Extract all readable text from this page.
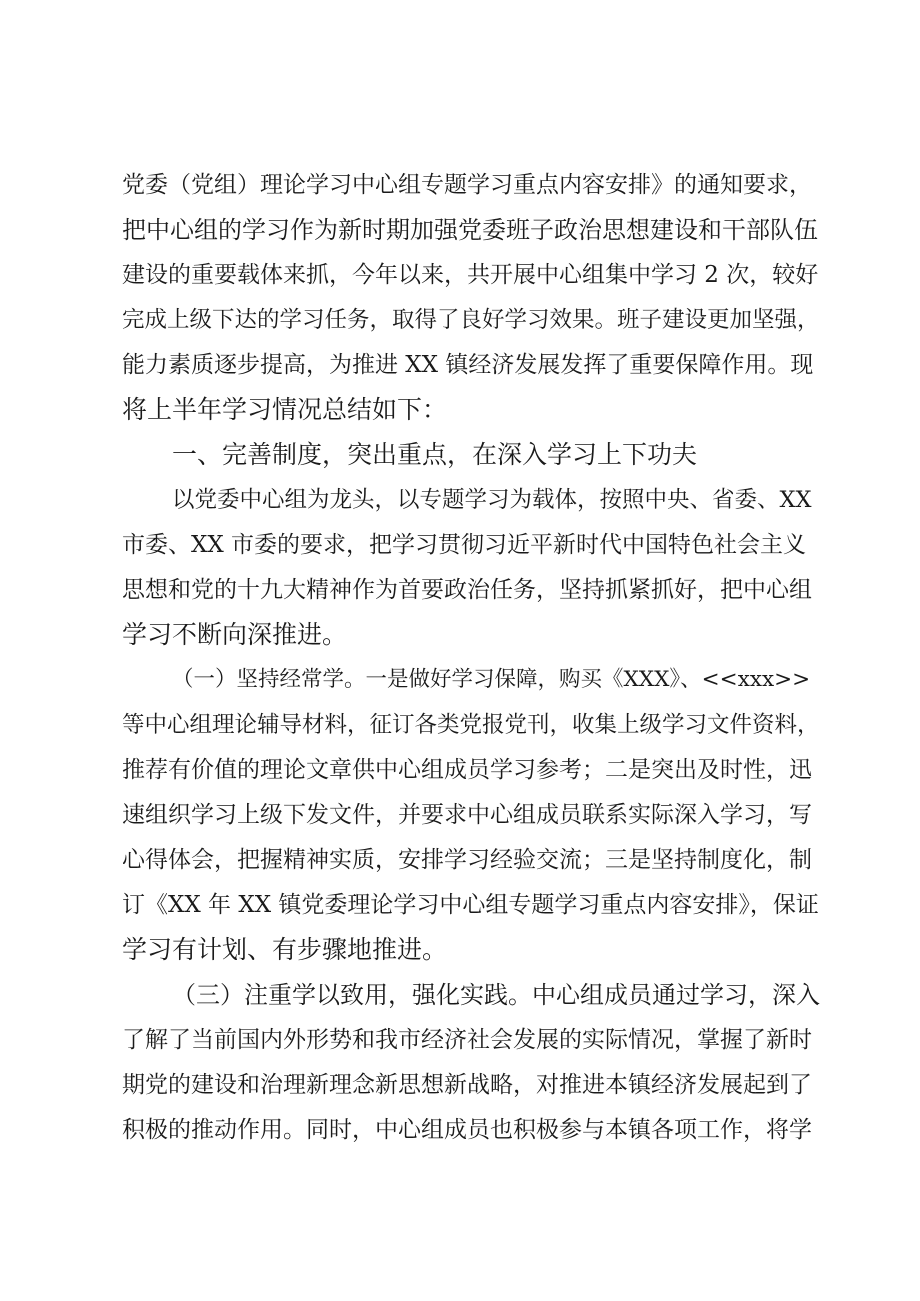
党委（党组）理论学习中心组专题学习重点内容安排》的通知要求，
把中心组的学习作为新时期加强党委班子政治思想建设和干部队伍
建设的重要载体来抓，今年以来，共开展中心组集中学习 2 次，较好
完成上级下达的学习任务，取得了良好学习效果。班子建设更加坚强，
能力素质逐步提高，为推进 XX 镇经济发展发挥了重要保障作用。现
将上半年学习情况总结如下：
一、完善制度，突出重点，在深入学习上下功夫
以党委中心组为龙头，以专题学习为载体，按照中央、省委、XX
市委、XX 市委的要求，把学习贯彻习近平新时代中国特色社会主义
思想和党的十九大精神作为首要政治任务，坚持抓紧抓好，把中心组
学习不断向深推进。
（一）坚持经常学。一是做好学习保障，购买《XXX》、<<xxx>>
等中心组理论辅导材料，征订各类党报党刊，收集上级学习文件资料，
推荐有价值的理论文章供中心组成员学习参考；二是突出及时性，迅
速组织学习上级下发文件，并要求中心组成员联系实际深入学习，写
心得体会，把握精神实质，安排学习经验交流；三是坚持制度化，制
订《XX 年 XX 镇党委理论学习中心组专题学习重点内容安排》，保证
学习有计划、有步骤地推进。
（三）注重学以致用，强化实践。中心组成员通过学习，深入
了解了当前国内外形势和我市经济社会发展的实际情况，掌握了新时
期党的建设和治理新理念新思想新战略，对推进本镇经济发展起到了
积极的推动作用。同时，中心组成员也积极参与本镇各项工作，将学
